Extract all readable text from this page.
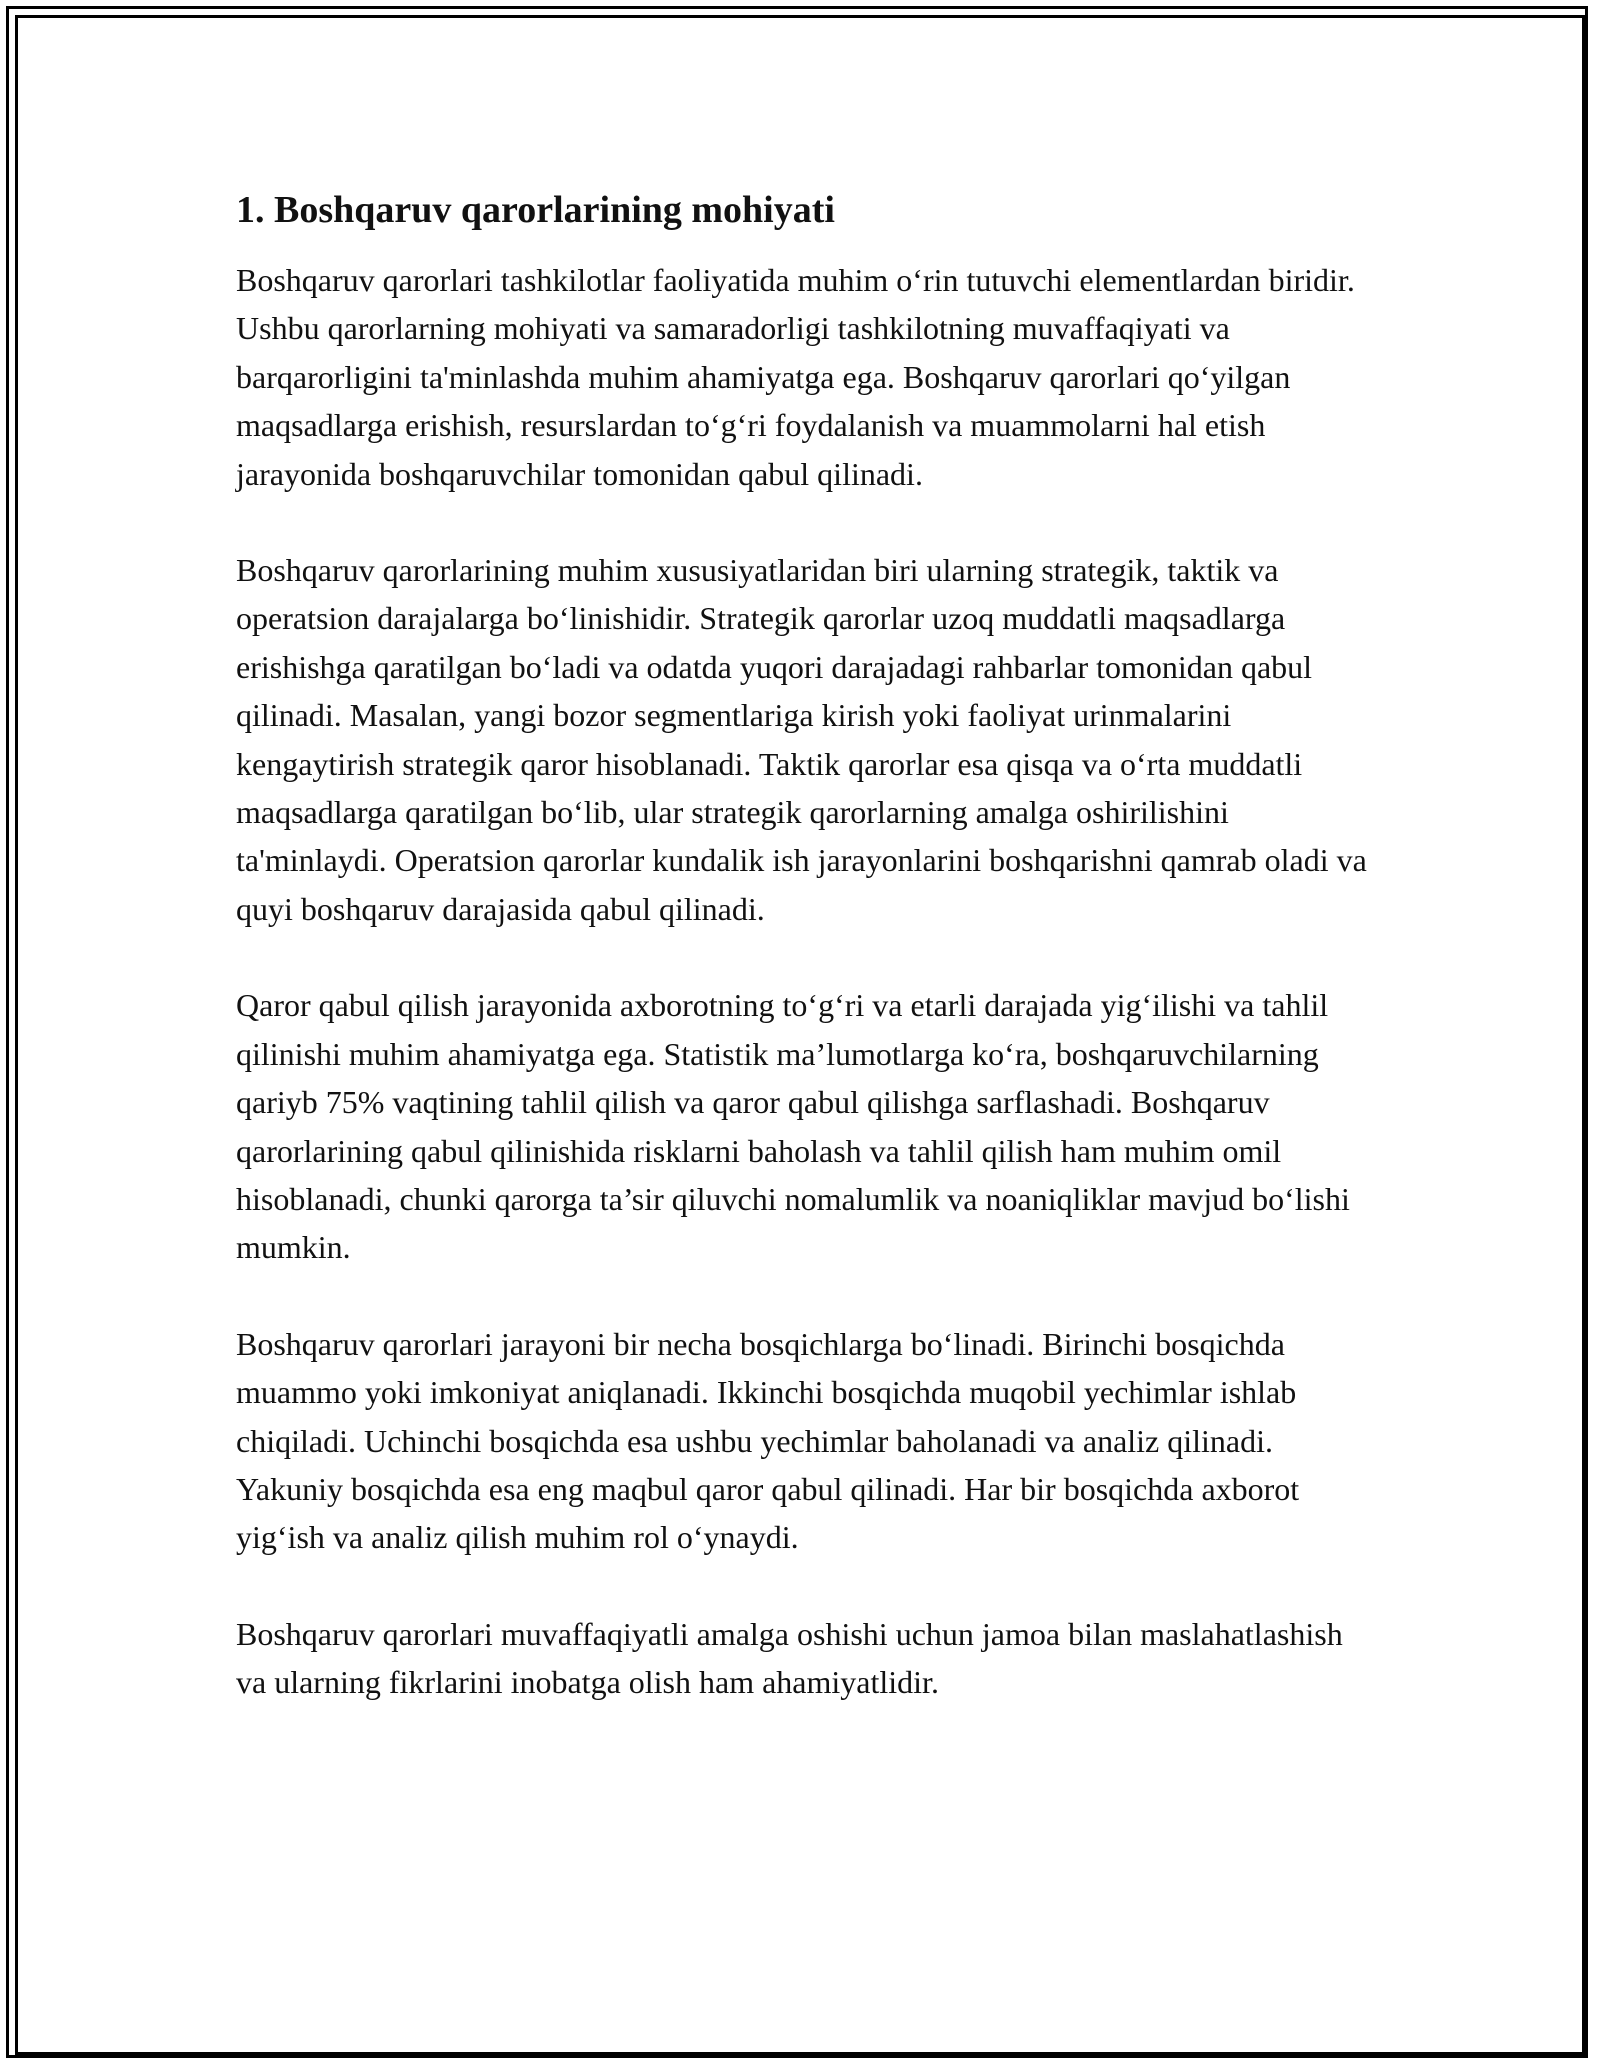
1. Boshqaruv qarorlarining mohiyati

Boshqaruv qarorlari tashkilotlar faoliyatida muhim o‘rin tutuvchi elementlardan biridir. Ushbu qarorlarning mohiyati va samaradorligi tashkilotning muvaffaqiyati va barqarorligini ta'minlashda muhim ahamiyatga ega. Boshqaruv qarorlari qo‘yilgan maqsadlarga erishish, resurslardan to‘g‘ri foydalanish va muammolarni hal etish jarayonida boshqaruvchilar tomonidan qabul qilinadi.

Boshqaruv qarorlarining muhim xususiyatlaridan biri ularning strategik, taktik va operatsion darajalarga bo‘linishidir. Strategik qarorlar uzoq muddatli maqsadlarga erishishga qaratilgan bo‘ladi va odatda yuqori darajadagi rahbarlar tomonidan qabul qilinadi. Masalan, yangi bozor segmentlariga kirish yoki faoliyat urinmalarini kengaytirish strategik qaror hisoblanadi. Taktik qarorlar esa qisqa va o‘rta muddatli maqsadlarga qaratilgan bo‘lib, ular strategik qarorlarning amalga oshirilishini ta'minlaydi. Operatsion qarorlar kundalik ish jarayonlarini boshqarishni qamrab oladi va quyi boshqaruv darajasida qabul qilinadi.

Qaror qabul qilish jarayonida axborotning to‘g‘ri va etarli darajada yig‘ilishi va tahlil qilinishi muhim ahamiyatga ega. Statistik ma’lumotlarga ko‘ra, boshqaruvchilarning qariyb 75% vaqtining tahlil qilish va qaror qabul qilishga sarflashadi. Boshqaruv qarorlarining qabul qilinishida risklarni baholash va tahlil qilish ham muhim omil hisoblanadi, chunki qarorga ta’sir qiluvchi nomalumlik va noaniqliklar mavjud bo‘lishi mumkin.

Boshqaruv qarorlari jarayoni bir necha bosqichlarga bo‘linadi. Birinchi bosqichda muammo yoki imkoniyat aniqlanadi. Ikkinchi bosqichda muqobil yechimlar ishlab chiqiladi. Uchinchi bosqichda esa ushbu yechimlar baholanadi va analiz qilinadi. Yakuniy bosqichda esa eng maqbul qaror qabul qilinadi. Har bir bosqichda axborot yig‘ish va analiz qilish muhim rol o‘ynaydi.

Boshqaruv qarorlari muvaffaqiyatli amalga oshishi uchun jamoa bilan maslahatlashish va ularning fikrlarini inobatga olish ham ahamiyatlidir.
